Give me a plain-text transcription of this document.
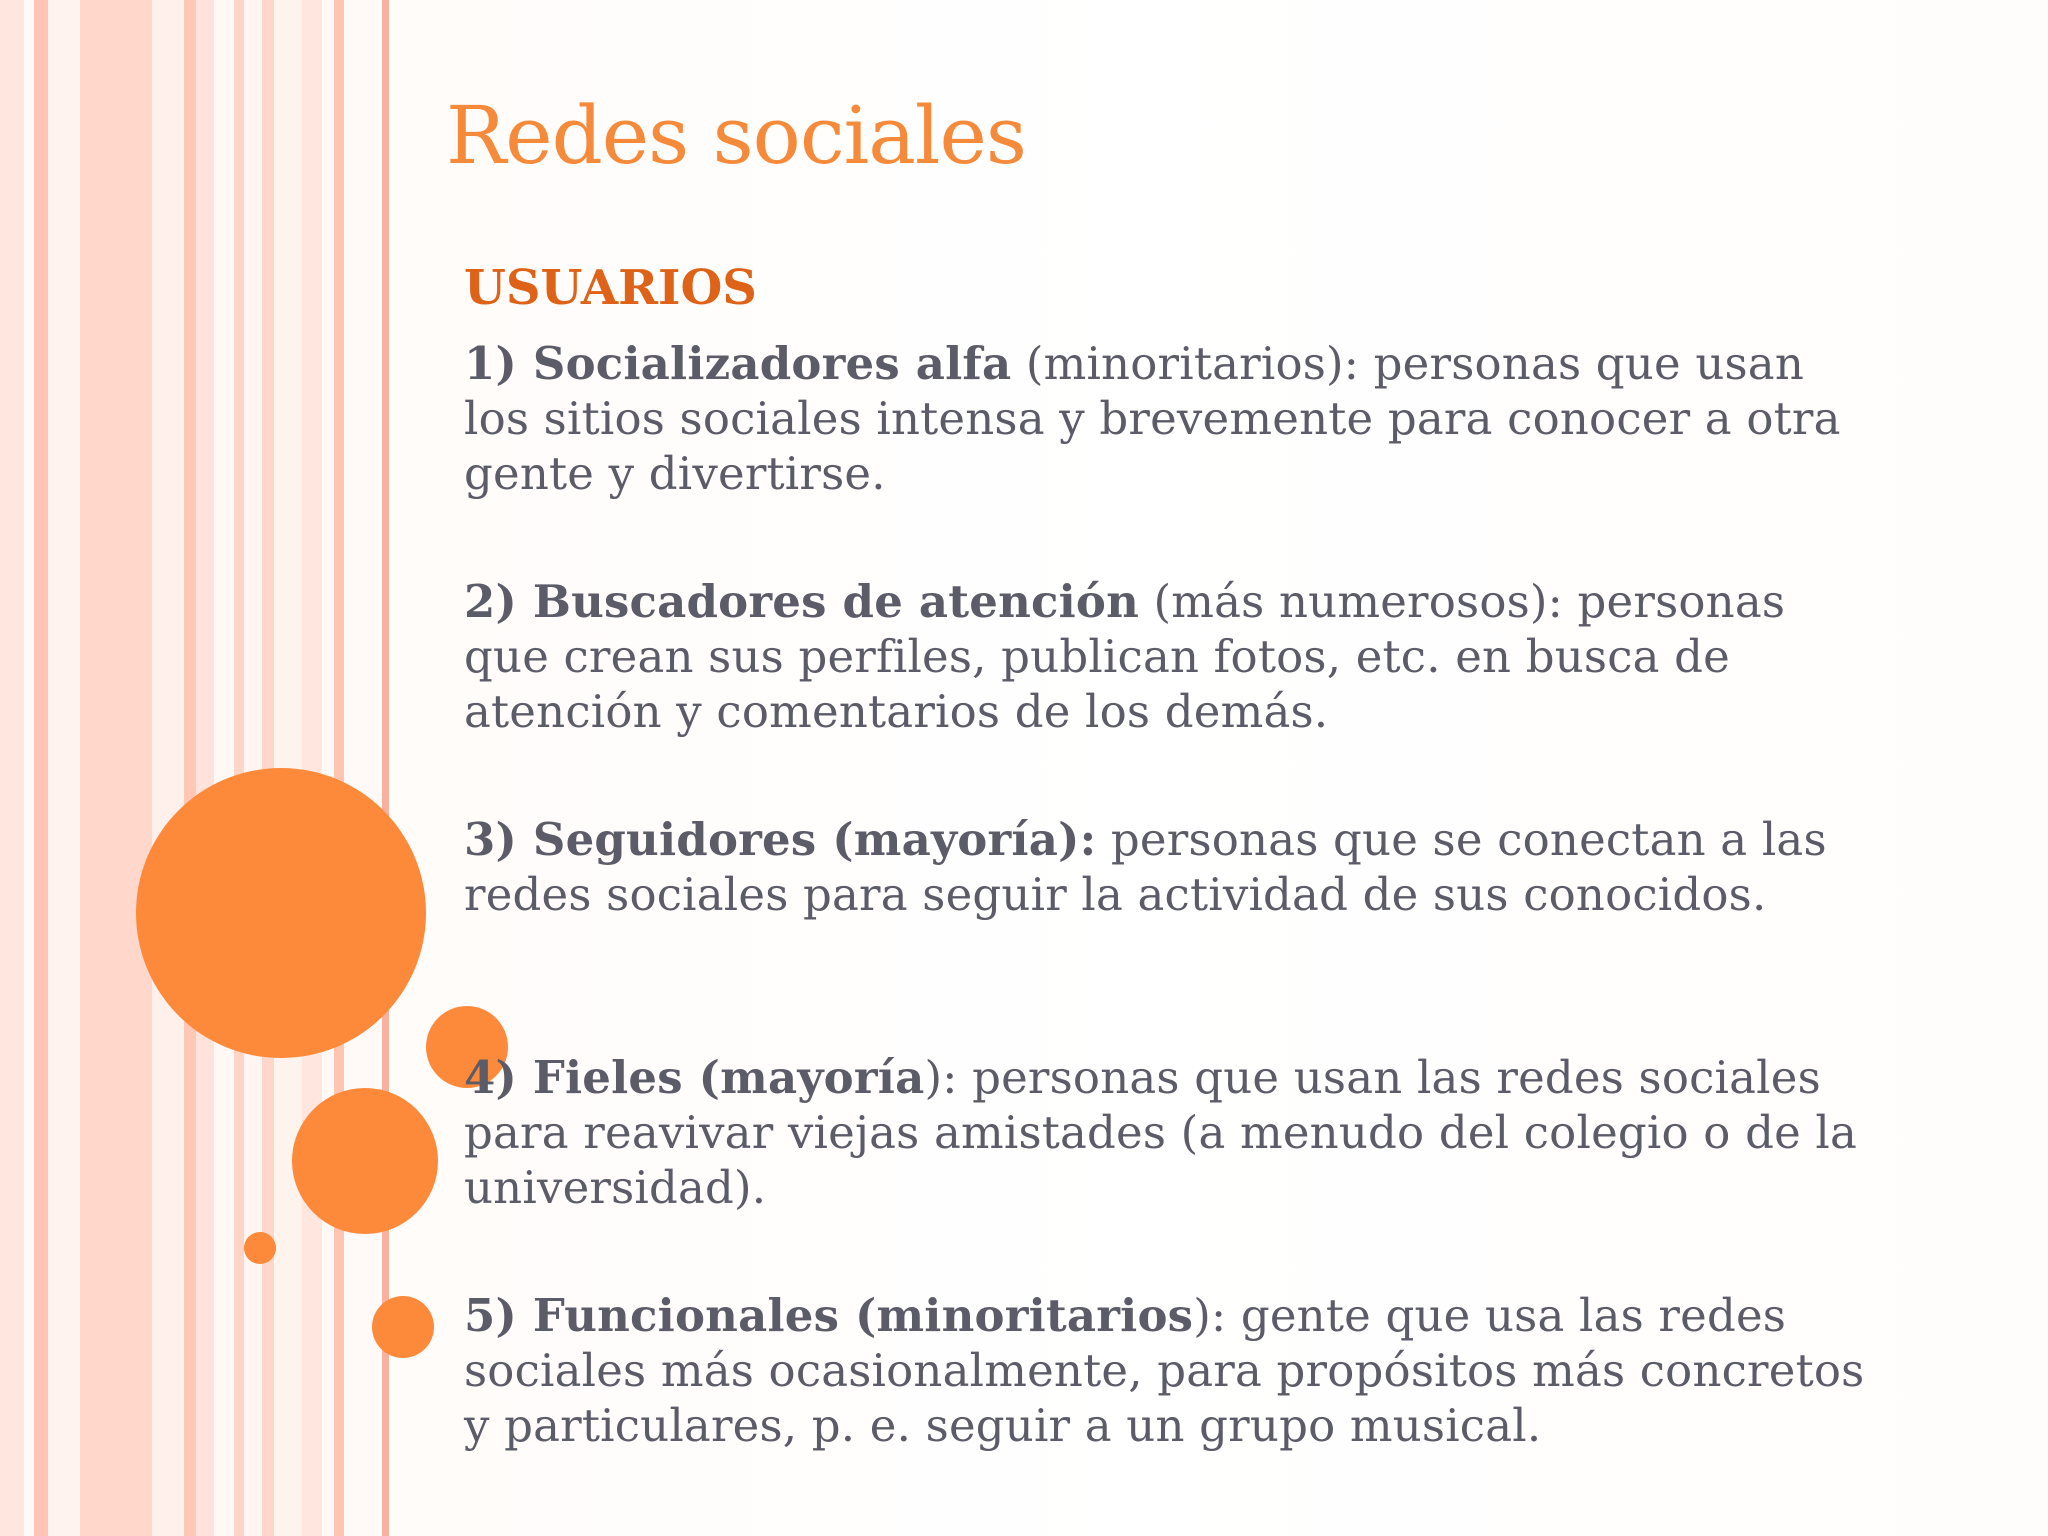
Redes sociales
USUARIOS

1) Socializadores alfa (minoritarios): personas que usan los sitios sociales intensa y brevemente para conocer a otra gente y divertirse.

2) Buscadores de atención (más numerosos): personas que crean sus perfiles, publican fotos, etc. en busca de atención y comentarios de los demás.

3) Seguidores (mayoría): personas que se conectan a las redes sociales para seguir la actividad de sus conocidos.

4) Fieles (mayoría): personas que usan las redes sociales para reavivar viejas amistades (a menudo del colegio o de la universidad).

5) Funcionales (minoritarios): gente que usa las redes sociales más ocasionalmente, para propósitos más concretos y particulares, p. e. seguir a un grupo musical.
